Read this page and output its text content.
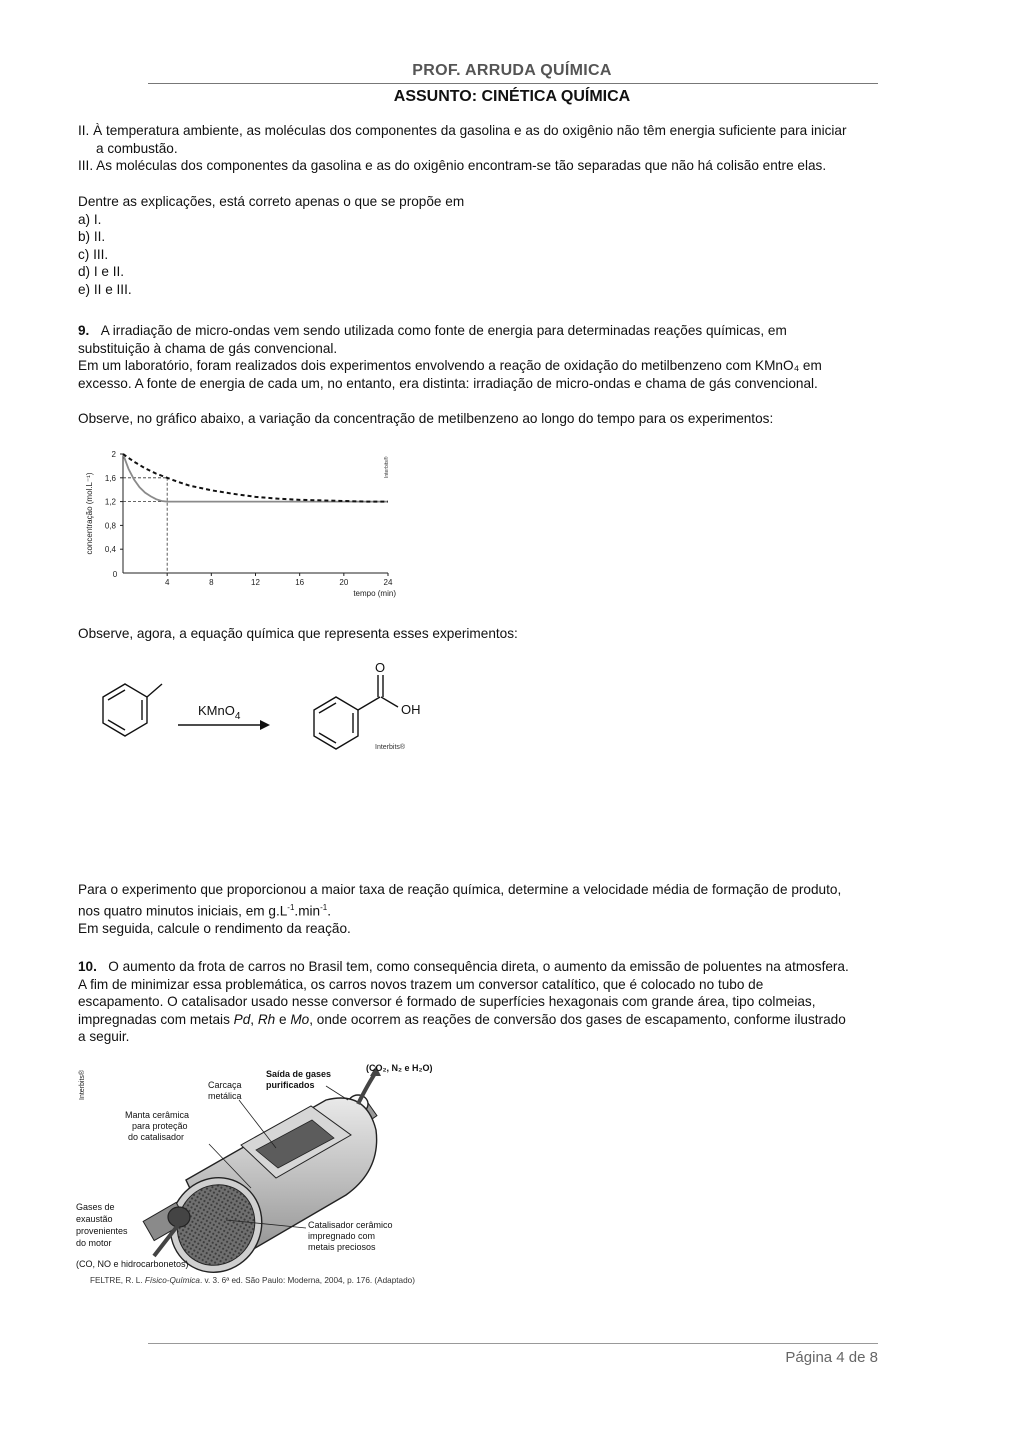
PROF. ARRUDA QUÍMICA
ASSUNTO: CINÉTICA QUÍMICA

II. À temperatura ambiente, as moléculas dos componentes da gasolina e as do oxigênio não têm energia suficiente para iniciar

a combustão.

III. As moléculas dos componentes da gasolina e as do oxigênio encontram-se tão separadas que não há colisão entre elas.

Dentre as explicações, está correto apenas o que se propõe em

a) I.

b) II.

c) III.

d) I e II.

e) II e III.

9. A irradiação de micro-ondas vem sendo utilizada como fonte de energia para determinadas reações químicas, em

substituição à chama de gás convencional.

Em um laboratório, foram realizados dois experimentos envolvendo a reação de oxidação do metilbenzeno com KMnO₄ em

excesso. A fonte de energia de cada um, no entanto, era distinta: irradiação de micro-ondas e chama de gás convencional.

Observe, no gráfico abaixo, a variação da concentração de metilbenzeno ao longo do tempo para os experimentos:
0
4	8	12	16	20	24
2
1,6
1,2
0,8
0,4
tempo (min)
concentração (mol.L⁻¹)
Interbits®
Observe, agora, a equação química que representa esses experimentos:
KMnO$_4$
O
OH
Interbits®

Para o experimento que proporcionou a maior taxa de reação química, determine a velocidade média de formação de produto,

nos quatro minutos iniciais, em $g.L^{-1}.\min^{-1}$.

Em seguida, calcule o rendimento da reação.

10. O aumento da frota de carros no Brasil tem, como consequência direta, o aumento da emissão de poluentes na atmosfera.

A fim de minimizar essa problemática, os carros novos trazem um conversor catalítico, que é colocado no tubo de

escapamento. O catalisador usado nesse conversor é formado de superfícies hexagonais com grande área, tipo colmeias,

impregnadas com metais Pd, Rh e Mo, onde ocorrem as reações de conversão dos gases de escapamento, conforme ilustrado

a seguir.

Interbits®	Saída de gases
purificados
(CO₂, N₂ e H₂O)
Carcaça
metálica
Manta cerâmica
para proteção
do catalisador
Gases de
exaustão
provenientes
do motor
(CO, NO e hidrocarbonetos)
Catalisador cerâmico
impregnado com
metais preciosos
FELTRE, R. L. Físico-Química. v. 3. 6ª ed. São Paulo: Moderna, 2004, p. 176. (Adaptado)
Página 4 de 8
